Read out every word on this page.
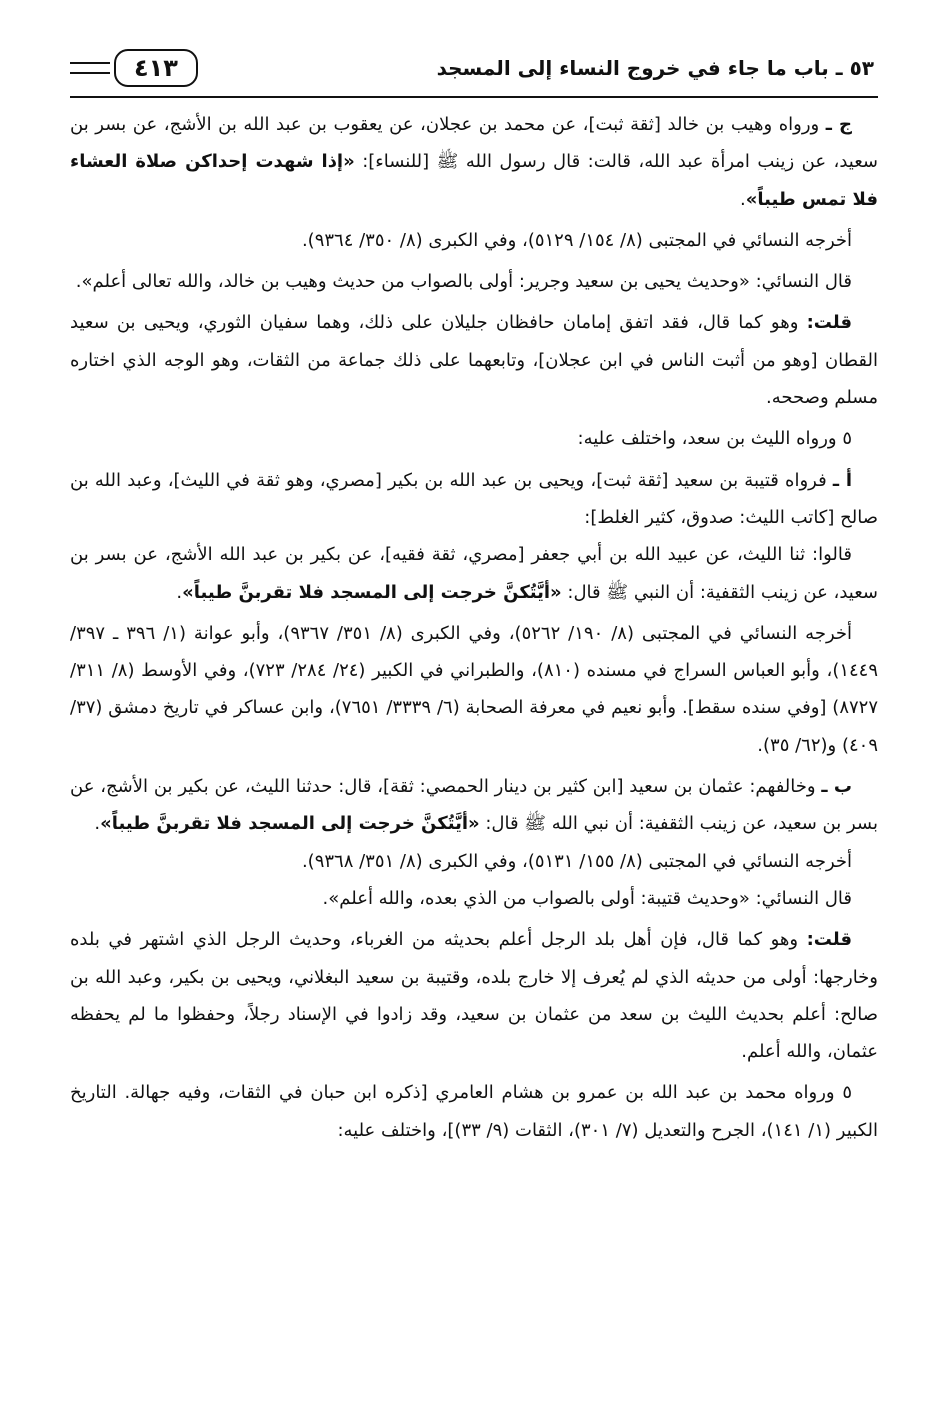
٥٣ ـ باب ما جاء في خروج النساء إلى المسجد
٤١٣

ج ـ ورواه وهيب بن خالد [ثقة ثبت]، عن محمد بن عجلان، عن يعقوب بن عبد الله بن الأشج، عن بسر بن سعيد، عن زينب امرأة عبد الله، قالت: قال رسول الله ﷺ [للنساء]: «إذا شهدت إحداكن صلاة العشاء فلا تمس طيباً».

أخرجه النسائي في المجتبى (٨/ ١٥٤/ ٥١٢٩)، وفي الكبرى (٨/ ٣٥٠/ ٩٣٦٤).

قال النسائي: «وحديث يحيى بن سعيد وجرير: أولى بالصواب من حديث وهيب بن خالد، والله تعالى أعلم».

قلت: وهو كما قال، فقد اتفق إمامان حافظان جليلان على ذلك، وهما سفيان الثوري، ويحيى بن سعيد القطان [وهو من أثبت الناس في ابن عجلان]، وتابعهما على ذلك جماعة من الثقات، وهو الوجه الذي اختاره مسلم وصححه.

٥ ورواه الليث بن سعد، واختلف عليه:

أ ـ فرواه قتيبة بن سعيد [ثقة ثبت]، ويحيى بن عبد الله بن بكير [مصري، وهو ثقة في الليث]، وعبد الله بن صالح [كاتب الليث: صدوق، كثير الغلط]:

قالوا: ثنا الليث، عن عبيد الله بن أبي جعفر [مصري، ثقة فقيه]، عن بكير بن عبد الله الأشج، عن بسر بن سعيد، عن زينب الثقفية: أن النبي ﷺ قال: «أيَّتُكنَّ خرجت إلى المسجد فلا تقربنَّ طيباً».

أخرجه النسائي في المجتبى (٨/ ١٩٠/ ٥٢٦٢)، وفي الكبرى (٨/ ٣٥١/ ٩٣٦٧)، وأبو عوانة (١/ ٣٩٦ ـ ٣٩٧/ ١٤٤٩)، وأبو العباس السراج في مسنده (٨١٠)، والطبراني في الكبير (٢٤/ ٢٨٤/ ٧٢٣)، وفي الأوسط (٨/ ٣١١/ ٨٧٢٧) [وفي سنده سقط]. وأبو نعيم في معرفة الصحابة (٦/ ٣٣٣٩/ ٧٦٥١)، وابن عساكر في تاريخ دمشق (٣٧/ ٤٠٩) و(٦٢/ ٣٥).

ب ـ وخالفهم: عثمان بن سعيد [ابن كثير بن دينار الحمصي: ثقة]، قال: حدثنا الليث، عن بكير بن الأشج، عن بسر بن سعيد، عن زينب الثقفية: أن نبي الله ﷺ قال: «أيَّتُكنَّ خرجت إلى المسجد فلا تقربنَّ طيباً».

أخرجه النسائي في المجتبى (٨/ ١٥٥/ ٥١٣١)، وفي الكبرى (٨/ ٣٥١/ ٩٣٦٨).

قال النسائي: «وحديث قتيبة: أولى بالصواب من الذي بعده، والله أعلم».

قلت: وهو كما قال، فإن أهل بلد الرجل أعلم بحديثه من الغرباء، وحديث الرجل الذي اشتهر في بلده وخارجها: أولى من حديثه الذي لم يُعرف إلا خارج بلده، وقتيبة بن سعيد البغلاني، ويحيى بن بكير، وعبد الله بن صالح: أعلم بحديث الليث بن سعد من عثمان بن سعيد، وقد زادوا في الإسناد رجلاً، وحفظوا ما لم يحفظه عثمان، والله أعلم.

٥ ورواه محمد بن عبد الله بن عمرو بن هشام العامري [ذكره ابن حبان في الثقات، وفيه جهالة. التاريخ الكبير (١/ ١٤١)، الجرح والتعديل (٧/ ٣٠١)، الثقات (٩/ ٣٣)]، واختلف عليه:
